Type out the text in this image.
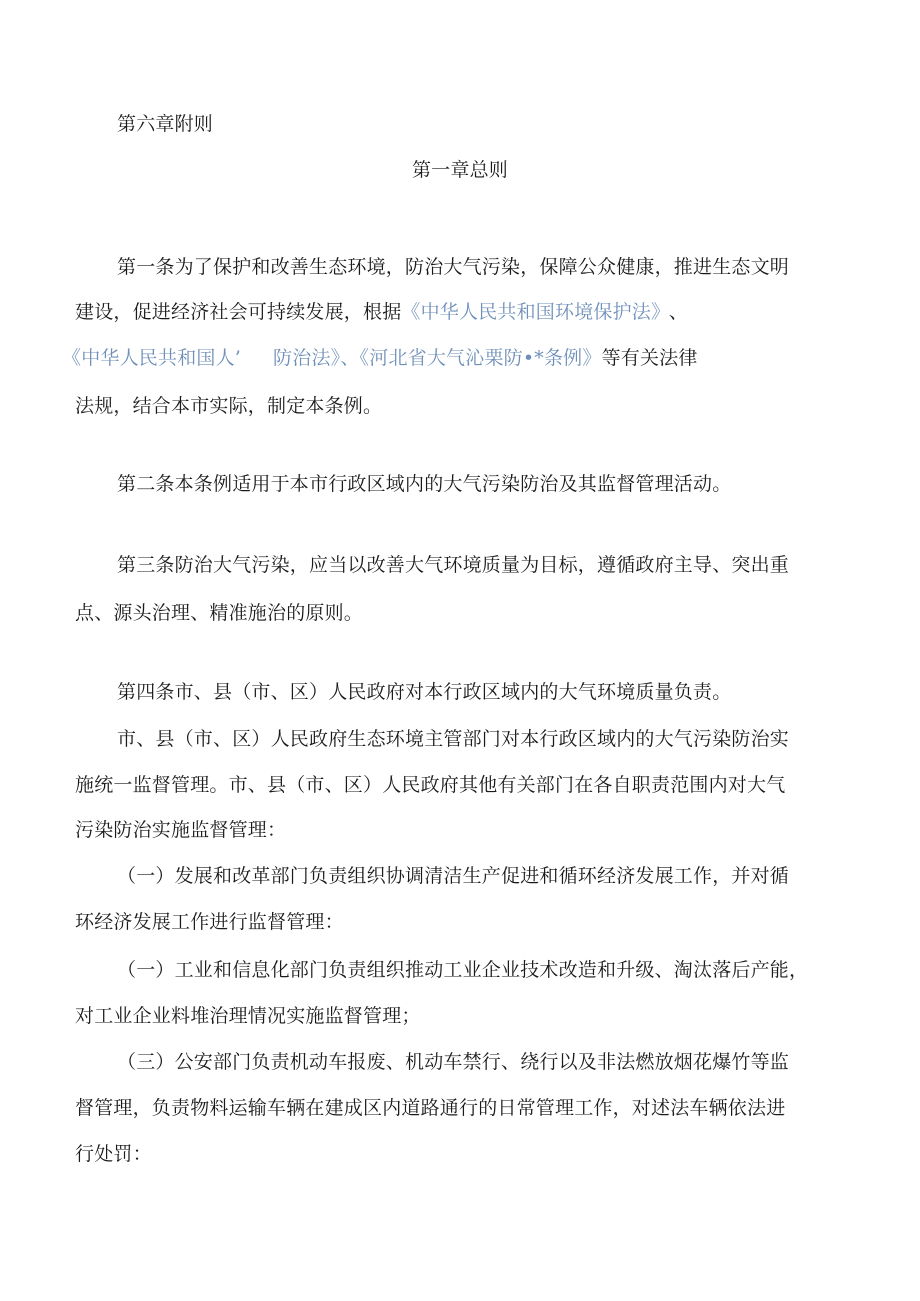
第六章附则
第一章总则
第一条为了保护和改善生态环境，防治大气污染，保障公众健康，推进生态文明
建设，促进经济社会可持续发展，根据《中华人民共和国环境保护法》 、
《中华人民共和国人’ 防治法》、《河北省大气沁栗防•*条例》等有关法律
法规，结合本市实际，制定本条例。
第二条本条例适用于本市行政区域内的大气污染防治及其监督管理活动。
第三条防治大气污染，应当以改善大气环境质量为目标，遵循政府主导、突出重
点、源头治理、精准施治的原则。
第四条市、县（市、区）人民政府对本行政区域内的大气环境质量负责。
市、县（市、区）人民政府生态环境主管部门对本行政区域内的大气污染防治实
施统一监督管理。市、县（市、区）人民政府其他有关部门在各自职责范围内对大气
污染防治实施监督管理：
（一）发展和改革部门负责组织协调清洁生产促进和循环经济发展工作，并对循
环经济发展工作进行监督管理：
（一）工业和信息化部门负责组织推动工业企业技术改造和升级、淘汰落后产能，
对工业企业料堆治理情况实施监督管理；
（三）公安部门负责机动车报废、机动车禁行、绕行以及非法燃放烟花爆竹等监
督管理，负责物料运输车辆在建成区内道路通行的日常管理工作，对述法车辆依法进
行处罚：
